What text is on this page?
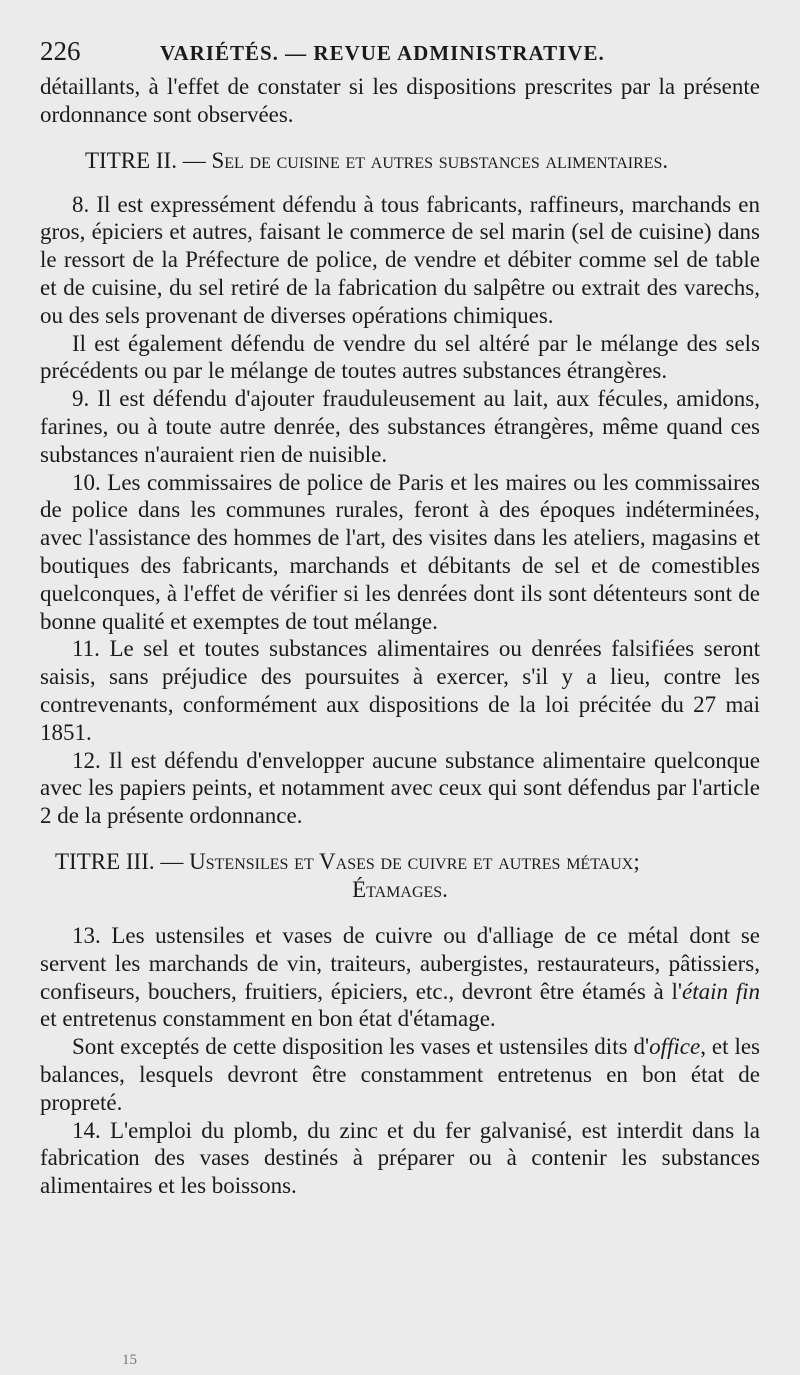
226	VARIÉTÉS. — REVUE ADMINISTRATIVE.

détaillants, à l'effet de constater si les dispositions prescrites par la présente ordonnance sont observées.

TITRE II. — Sel de cuisine et autres substances alimentaires.

8. Il est expressément défendu à tous fabricants, raffineurs, marchands en gros, épiciers et autres, faisant le commerce de sel marin (sel de cuisine) dans le ressort de la Préfecture de police, de vendre et débiter comme sel de table et de cuisine, du sel retiré de la fabrication du salpêtre ou extrait des varechs, ou des sels provenant de diverses opérations chimiques.

Il est également défendu de vendre du sel altéré par le mélange des sels précédents ou par le mélange de toutes autres substances étrangères.

9. Il est défendu d'ajouter frauduleusement au lait, aux fécules, amidons, farines, ou à toute autre denrée, des substances étrangères, même quand ces substances n'auraient rien de nuisible.

10. Les commissaires de police de Paris et les maires ou les commissaires de police dans les communes rurales, feront à des époques indéterminées, avec l'assistance des hommes de l'art, des visites dans les ateliers, magasins et boutiques des fabricants, marchands et débitants de sel et de comestibles quelconques, à l'effet de vérifier si les denrées dont ils sont détenteurs sont de bonne qualité et exemptes de tout mélange.

11. Le sel et toutes substances alimentaires ou denrées falsifiées seront saisis, sans préjudice des poursuites à exercer, s'il y a lieu, contre les contrevenants, conformément aux dispositions de la loi précitée du 27 mai 1851.

12. Il est défendu d'envelopper aucune substance alimentaire quelconque avec les papiers peints, et notamment avec ceux qui sont défendus par l'article 2 de la présente ordonnance.

TITRE III. — Ustensiles et Vases de cuivre et autres métaux;

Étamages.

13. Les ustensiles et vases de cuivre ou d'alliage de ce métal dont se servent les marchands de vin, traiteurs, aubergistes, restaurateurs, pâtissiers, confiseurs, bouchers, fruitiers, épiciers, etc., devront être étamés à l'étain fin et entretenus constamment en bon état d'étamage.

Sont exceptés de cette disposition les vases et ustensiles dits d'office, et les balances, lesquels devront être constamment entretenus en bon état de propreté.

14. L'emploi du plomb, du zinc et du fer galvanisé, est interdit dans la fabrication des vases destinés à préparer ou à contenir les substances alimentaires et les boissons.

15
